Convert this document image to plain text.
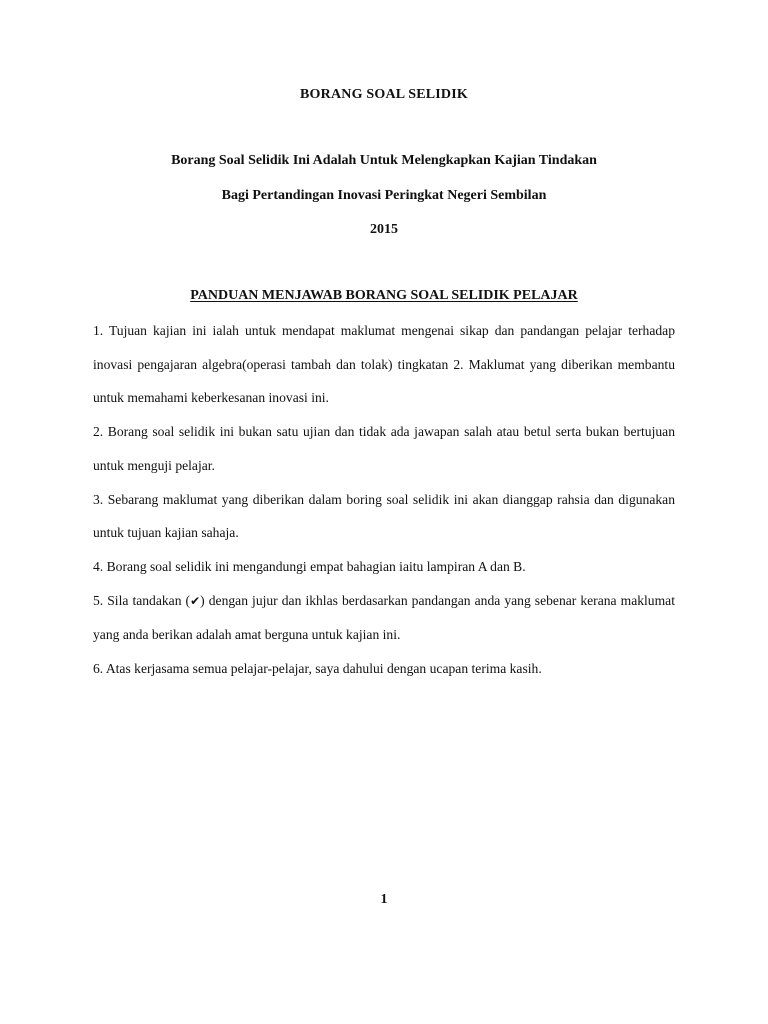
BORANG SOAL SELIDIK
Borang Soal Selidik Ini Adalah Untuk Melengkapkan Kajian Tindakan
Bagi Pertandingan Inovasi Peringkat Negeri Sembilan
2015
PANDUAN MENJAWAB BORANG SOAL SELIDIK PELAJAR

1. Tujuan kajian ini ialah untuk mendapat maklumat mengenai sikap dan pandangan pelajar terhadap inovasi pengajaran algebra(operasi tambah dan tolak) tingkatan 2. Maklumat yang diberikan membantu untuk memahami keberkesanan inovasi ini.

2. Borang soal selidik ini bukan satu ujian dan tidak ada jawapan salah atau betul serta bukan bertujuan untuk menguji pelajar.

3. Sebarang maklumat yang diberikan dalam boring soal selidik ini akan dianggap rahsia dan digunakan untuk tujuan kajian sahaja.

4. Borang soal selidik ini mengandungi empat bahagian iaitu lampiran A dan B.

5. Sila tandakan (✔) dengan jujur dan ikhlas berdasarkan pandangan anda yang sebenar kerana maklumat yang anda berikan adalah amat berguna untuk kajian ini.

6. Atas kerjasama semua pelajar-pelajar, saya dahului dengan ucapan terima kasih.

1
